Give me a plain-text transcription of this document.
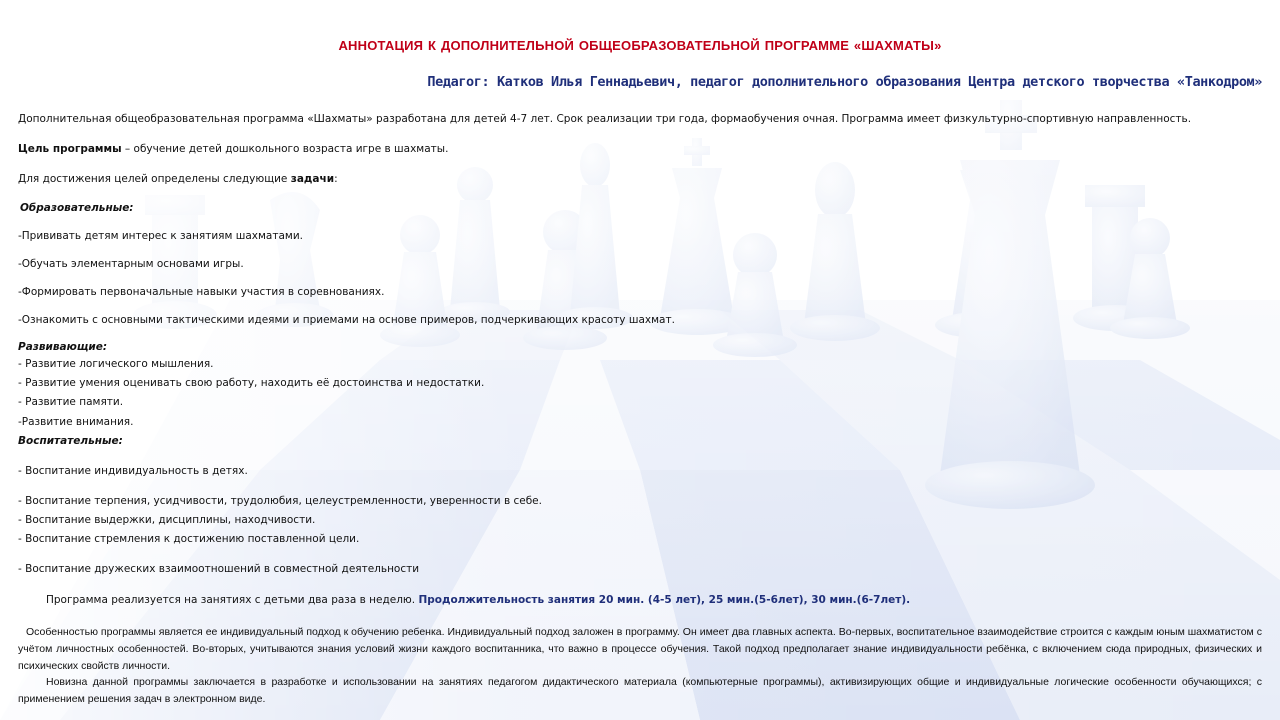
АННОТАЦИЯ К ДОПОЛНИТЕЛЬНОЙ ОБЩЕОБРАЗОВАТЕЛЬНОЙ ПРОГРАММЕ «ШАХМАТЫ»
Педагог: Катков Илья Геннадьевич, педагог дополнительного образования Центра детского творчества «Танкодром»
Дополнительная общеобразовательная программа «Шахматы» разработана для детей 4-7 лет. Срок реализации три года, формаобучения очная. Программа имеет физкультурно-спортивную направленность.
Цель программы – обучение детей дошкольного возраста игре в шахматы.
Для достижения целей определены следующие задачи:
Образовательные:
-Прививать детям интерес к занятиям шахматами.
-Обучать элементарным основами игры.
-Формировать первоначальные навыки участия в соревнованиях.
-Ознакомить с основными тактическими идеями и приемами на основе примеров, подчеркивающих красоту шахмат.
Развивающие:
- Развитие логического мышления.
- Развитие умения оценивать свою работу, находить её достоинства и недостатки.
- Развитие памяти.
-Развитие внимания.
Воспитательные:
- Воспитание индивидуальность в детях.
- Воспитание терпения, усидчивости, трудолюбия, целеустремленности, уверенности в себе.
- Воспитание выдержки, дисциплины, находчивости.
- Воспитание стремления к достижению поставленной цели.
- Воспитание дружеских взаимоотношений в совместной деятельности
Программа реализуется на занятиях с детьми два раза в неделю. Продолжительность занятия 20 мин. (4-5 лет), 25 мин.(5-6лет), 30 мин.(6-7лет).

Особенностью программы является ее индивидуальный подход к обучению ребенка. Индивидуальный подход заложен в программу. Он имеет два главных аспекта. Во-первых, воспитательное взаимодействие строится с каждым юным шахматистом с учётом личностных особенностей. Во-вторых, учитываются знания условий жизни каждого воспитанника, что важно в процессе обучения. Такой подход предполагает знание индивидуальности ребёнка, с включением сюда природных, физических и психических свойств личности.

Новизна данной программы заключается в разработке и использовании на занятиях педагогом дидактического материала (компьютерные программы), активизирующих общие и индивидуальные логические особенности обучающихся; с применением решения задач в электронном виде.
